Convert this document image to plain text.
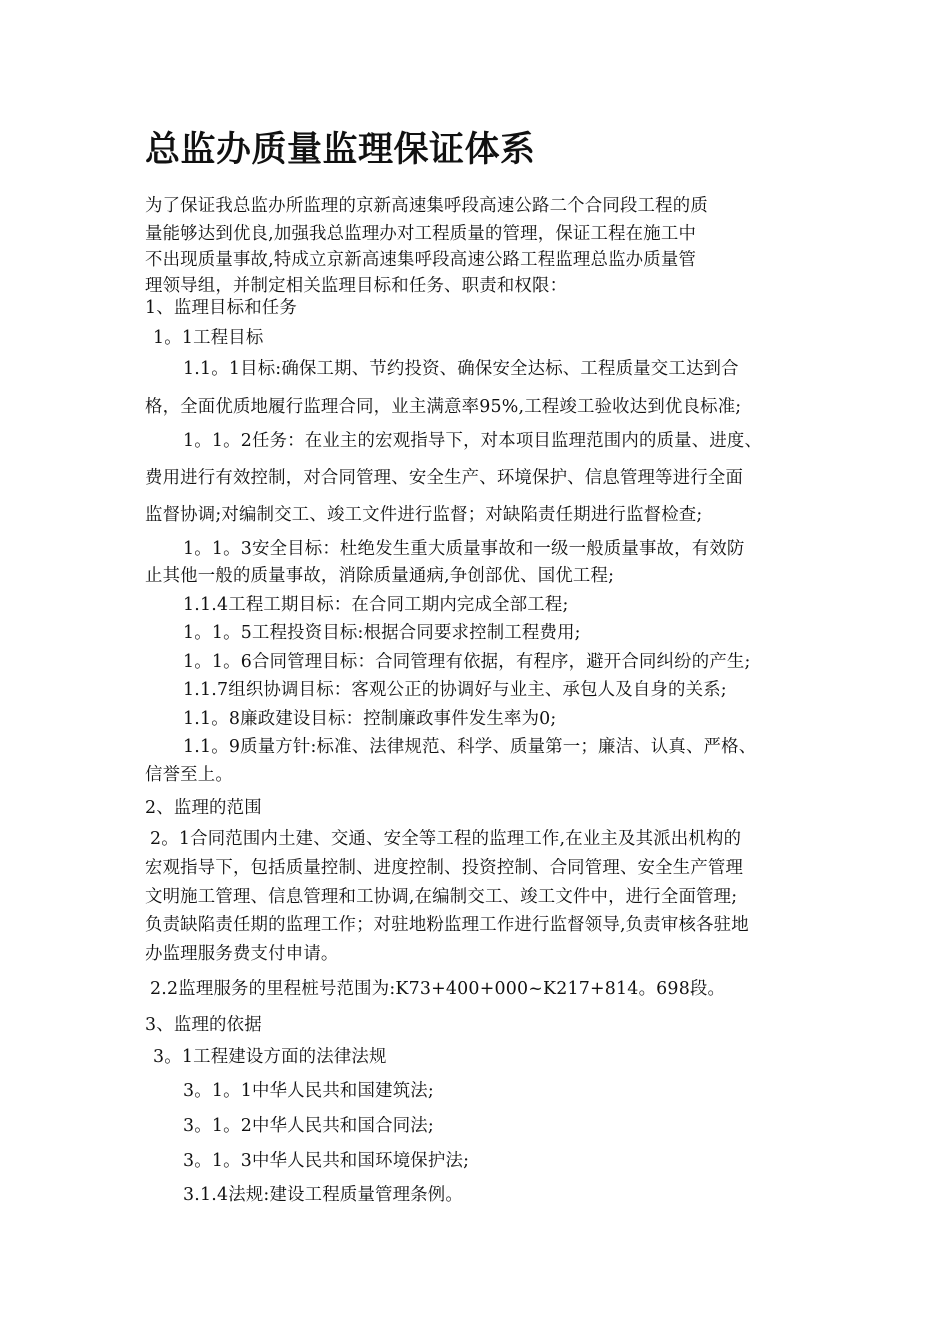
总监办质量监理保证体系

为了保证我总监办所监理的京新高速集呼段高速公路二个合同段工程的质

量能够达到优良,加强我总监理办对工程质量的管理，保证工程在施工中

不出现质量事故,特成立京新高速集呼段高速公路工程监理总监办质量管

理领导组，并制定相关监理目标和任务、职责和权限：

1、监理目标和任务

1。1工程目标

1.1。1目标:确保工期、节约投资、确保安全达标、工程质量交工达到合

格，全面优质地履行监理合同，业主满意率95%,工程竣工验收达到优良标准;

1。1。2任务：在业主的宏观指导下，对本项目监理范围内的质量、进度、

费用进行有效控制，对合同管理、安全生产、环境保护、信息管理等进行全面

监督协调;对编制交工、竣工文件进行监督；对缺陷责任期进行监督检查;

1。1。3安全目标：杜绝发生重大质量事故和一级一般质量事故，有效防

止其他一般的质量事故，消除质量通病,争创部优、国优工程;

1.1.4工程工期目标：在合同工期内完成全部工程;

1。1。5工程投资目标:根据合同要求控制工程费用;

1。1。6合同管理目标：合同管理有依据，有程序，避开合同纠纷的产生;

1.1.7组织协调目标：客观公正的协调好与业主、承包人及自身的关系;

1.1。8廉政建设目标：控制廉政事件发生率为0;

1.1。9质量方针:标准、法律规范、科学、质量第一；廉洁、认真、严格、

信誉至上。

2、监理的范围

2。1合同范围内土建、交通、安全等工程的监理工作,在业主及其派出机构的

宏观指导下，包括质量控制、进度控制、投资控制、合同管理、安全生产管理

文明施工管理、信息管理和工协调,在编制交工、竣工文件中，进行全面管理;

负责缺陷责任期的监理工作；对驻地粉监理工作进行监督领导,负责审核各驻地

办监理服务费支付申请。

2.2监理服务的里程桩号范围为:K73+400+000~K217+814。698段。

3、监理的依据

3。1工程建设方面的法律法规

3。1。1中华人民共和国建筑法;

3。1。2中华人民共和国合同法;

3。1。3中华人民共和国环境保护法;

3.1.4法规:建设工程质量管理条例。
